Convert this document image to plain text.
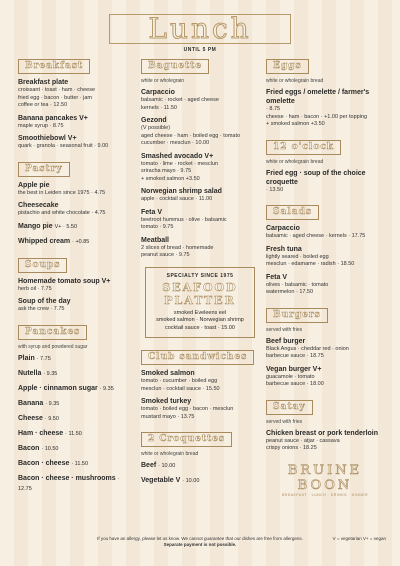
Lunch
UNTIL 5 PM
Breakfast
Breakfast plate
croissant · toast · ham · cheese
fried egg · bacon · butter · jam
coffee or tea · 12.50
Banana pancakes V+
maple syrup · 8.75
Smoothiebowl V+
quark · granola · seasonal fruit · 9.00
Pastry
Apple pie
the best in Leiden since 1975 · 4.75
Cheesecake
pistachio and white chocolate · 4.75
Mango pie V+ · 5.50
Whipped cream · +0.85
Soups
Homemade tomato soup V+
herb oil · 7.75
Soup of the day
ask the crew · 7.75
Pancakes
with syrup and powdered sugar
Plain · 7.75
Nutella · 9.35
Apple · cinnamon sugar · 9.35
Banana · 9.35
Cheese · 9.50
Ham · cheese · 11.50
Bacon · 10.50
Bacon · cheese · 11.50
Bacon · cheese · mushrooms · 12.75
Baguette
white or wholegrain
Carpaccio
balsamic · rocket · aged cheese
kernels · 11.50
Gezond
(V possible)
aged cheese · ham · boiled egg · tomato
cucumber · mesclun · 10.00
Smashed avocado V+
tomato · lime · rocket · mesclun
sriracha mayo · 9.75
+ smoked salmon +3.50
Norwegian shrimp salad
apple · cocktail sauce · 11.00
Feta V
beetroot hummus · olive · balsamic
tomato · 9.75
Meatball
2 slices of bread · homemade
peanut sauce · 9.75
SPECIALTY SINCE 1975
SEAFOOD
PLATTER
smoked Eveleens eel
smoked salmon · Norwegian shrimp
cocktail sauce · toast · 15.00
Club sandwiches
Smoked salmon
tomato · cucumber · boiled egg
mesclun · cocktail sauce · 15.50
Smoked turkey
tomato · boiled egg · bacon · mesclun
mustard mayo · 13.75
2 Croquettes
white or wholegrain bread
Beef · 10.00
Vegetable V · 10.00
Eggs
white or wholegrain bread
Fried eggs / omelette / farmer's omelette
· 8.75
cheese · ham · bacon · +1.00 per topping
+ smoked salmon +3.50
12 o'clock
white or wholegrain bread
Fried egg · soup of the choice croquette
· 13.50
Salads
Carpaccio
balsamic · aged cheese · kernels · 17.75
Fresh tuna
lightly seared · boiled egg
mesclun · edamame · radish · 18.50
Feta V
olives · balsamic · tomato
watermelon · 17.50
Burgers
served with fries
Beef burger
Black Angus · cheddar red · onion
barbecue sauce · 18.75
Vegan burger V+
guacamole · tomato
barbecue sauce · 18.00
Satay
served with fries
Chicken breast or pork tenderloin
peanut sauce · atjar · cassava
crispy onions · 18.25
BRUINE BOON
BREAKFAST · LUNCH · DRINKS · DINNER
If you have an allergy, please let us know. We cannot guarantee that our dishes are free from allergens.
Separate payment is not possible.
V = vegetarian V+ = vegan
